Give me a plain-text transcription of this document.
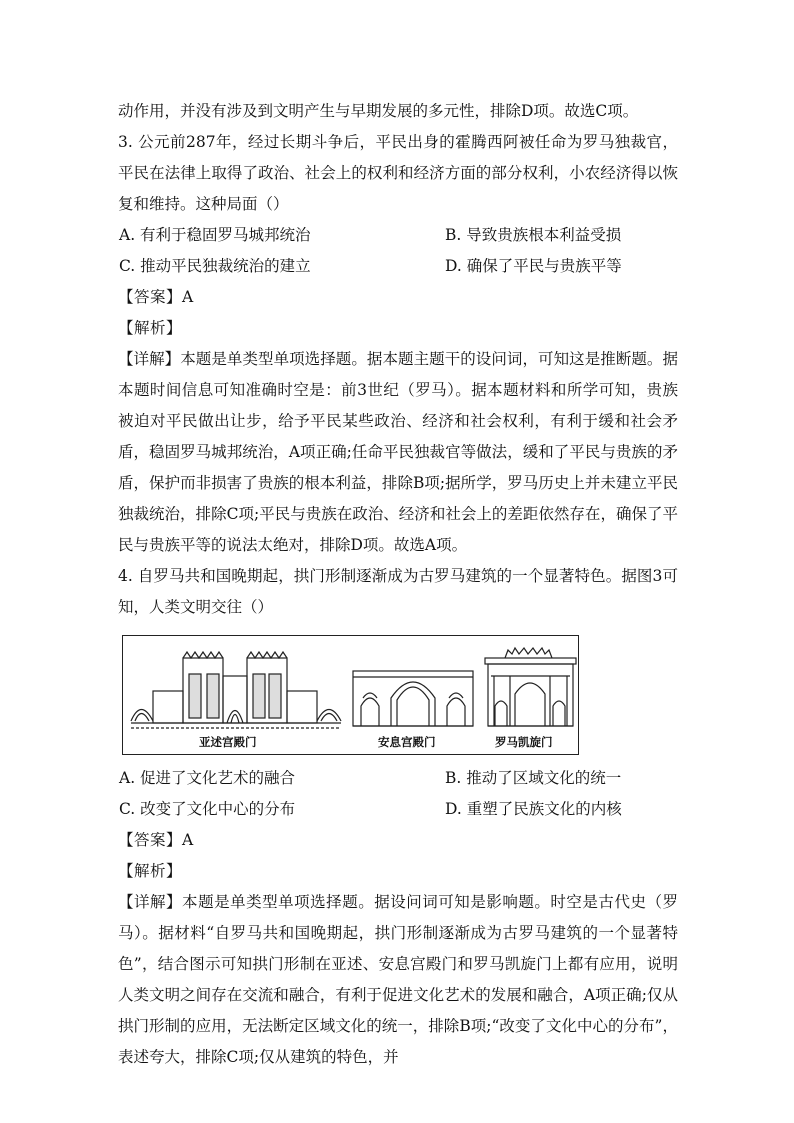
动作用，并没有涉及到文明产生与早期发展的多元性，排除D项。故选C项。
3. 公元前287年，经过长期斗争后，平民出身的霍腾西阿被任命为罗马独裁官，平民在法律上取得了政治、社会上的权利和经济方面的部分权利，小农经济得以恢复和维持。这种局面（）
A. 有利于稳固罗马城邦统治	B. 导致贵族根本利益受损
C. 推动平民独裁统治的建立	D. 确保了平民与贵族平等
【答案】A
【解析】
【详解】本题是单类型单项选择题。据本题主题干的设问词，可知这是推断题。据本题时间信息可知准确时空是：前3世纪（罗马）。据本题材料和所学可知，贵族被迫对平民做出让步，给予平民某些政治、经济和社会权利，有利于缓和社会矛盾，稳固罗马城邦统治，A项正确;任命平民独裁官等做法，缓和了平民与贵族的矛盾，保护而非损害了贵族的根本利益，排除B项;据所学，罗马历史上并未建立平民独裁统治，排除C项;平民与贵族在政治、经济和社会上的差距依然存在，确保了平民与贵族平等的说法太绝对，排除D项。故选A项。
4. 自罗马共和国晚期起，拱门形制逐渐成为古罗马建筑的一个显著特色。据图3可知，人类文明交往（）
亚述宫殿门	安息宫殿门	罗马凯旋门
A. 促进了文化艺术的融合	B. 推动了区域文化的统一
C. 改变了文化中心的分布	D. 重塑了民族文化的内核
【答案】A
【解析】
【详解】本题是单类型单项选择题。据设问词可知是影响题。时空是古代史（罗马）。据材料“自罗马共和国晚期起，拱门形制逐渐成为古罗马建筑的一个显著特色”，结合图示可知拱门形制在亚述、安息宫殿门和罗马凯旋门上都有应用，说明人类文明之间存在交流和融合，有利于促进文化艺术的发展和融合，A项正确;仅从拱门形制的应用，无法断定区域文化的统一，排除B项;“改变了文化中心的分布”，表述夸大，排除C项;仅从建筑的特色，并
